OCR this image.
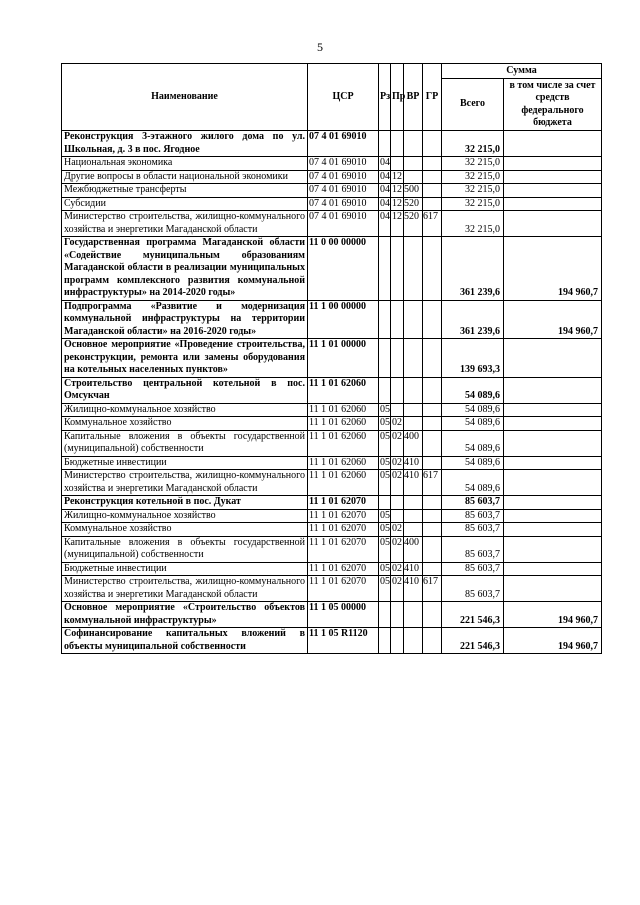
5
Наименование	ЦСР	Рз	Пр	ВР	ГР	Сумма	
						Всего	в том числе за счет средств федерального бюджета
Реконструкция 3-этажного жилого дома по ул. Школьная, д. 3 в пос. Ягодное	07 4 01 69010					32 215,0	
Национальная экономика	07 4 01 69010	04				32 215,0	
Другие вопросы в области национальной экономики	07 4 01 69010	04	12			32 215,0	
Межбюджетные трансферты	07 4 01 69010	04	12	500		32 215,0	
Субсидии	07 4 01 69010	04	12	520		32 215,0	
Министерство строительства, жилищно-коммунального хозяйства и энергетики Магаданской области	07 4 01 69010	04	12	520	617	32 215,0	
Государственная программа Магаданской области «Содействие муниципальным образованиям Магаданской области в реализации муниципальных программ комплексного развития коммунальной инфраструктуры» на 2014-2020 годы»	11 0 00 00000					361 239,6	194 960,7
Подпрограмма «Развитие и модернизация коммунальной инфраструктуры на территории Магаданской области» на 2016-2020 годы»	11 1 00 00000					361 239,6	194 960,7
Основное мероприятие «Проведение строительства, реконструкции, ремонта или замены оборудования на котельных населенных пунктов»	11 1 01 00000					139 693,3	
Строительство центральной котельной в пос. Омсукчан	11 1 01 62060					54 089,6	
Жилищно-коммунальное хозяйство	11 1 01 62060	05				54 089,6	
Коммунальное хозяйство	11 1 01 62060	05	02			54 089,6	
Капитальные вложения в объекты государственной (муниципальной) собственности	11 1 01 62060	05	02	400		54 089,6	
Бюджетные инвестиции	11 1 01 62060	05	02	410		54 089,6	
Министерство строительства, жилищно-коммунального хозяйства и энергетики Магаданской области	11 1 01 62060	05	02	410	617	54 089,6	
Реконструкция котельной в пос. Дукат	11 1 01 62070					85 603,7	
Жилищно-коммунальное хозяйство	11 1 01 62070	05				85 603,7	
Коммунальное хозяйство	11 1 01 62070	05	02			85 603,7	
Капитальные вложения в объекты государственной (муниципальной) собственности	11 1 01 62070	05	02	400		85 603,7	
Бюджетные инвестиции	11 1 01 62070	05	02	410		85 603,7	
Министерство строительства, жилищно-коммунального хозяйства и энергетики Магаданской области	11 1 01 62070	05	02	410	617	85 603,7	
Основное мероприятие «Строительство объектов коммунальной инфраструктуры»	11 1 05 00000					221 546,3	194 960,7
Софинансирование капитальных вложений в объекты муниципальной собственности	11 1 05 R1120					221 546,3	194 960,7
